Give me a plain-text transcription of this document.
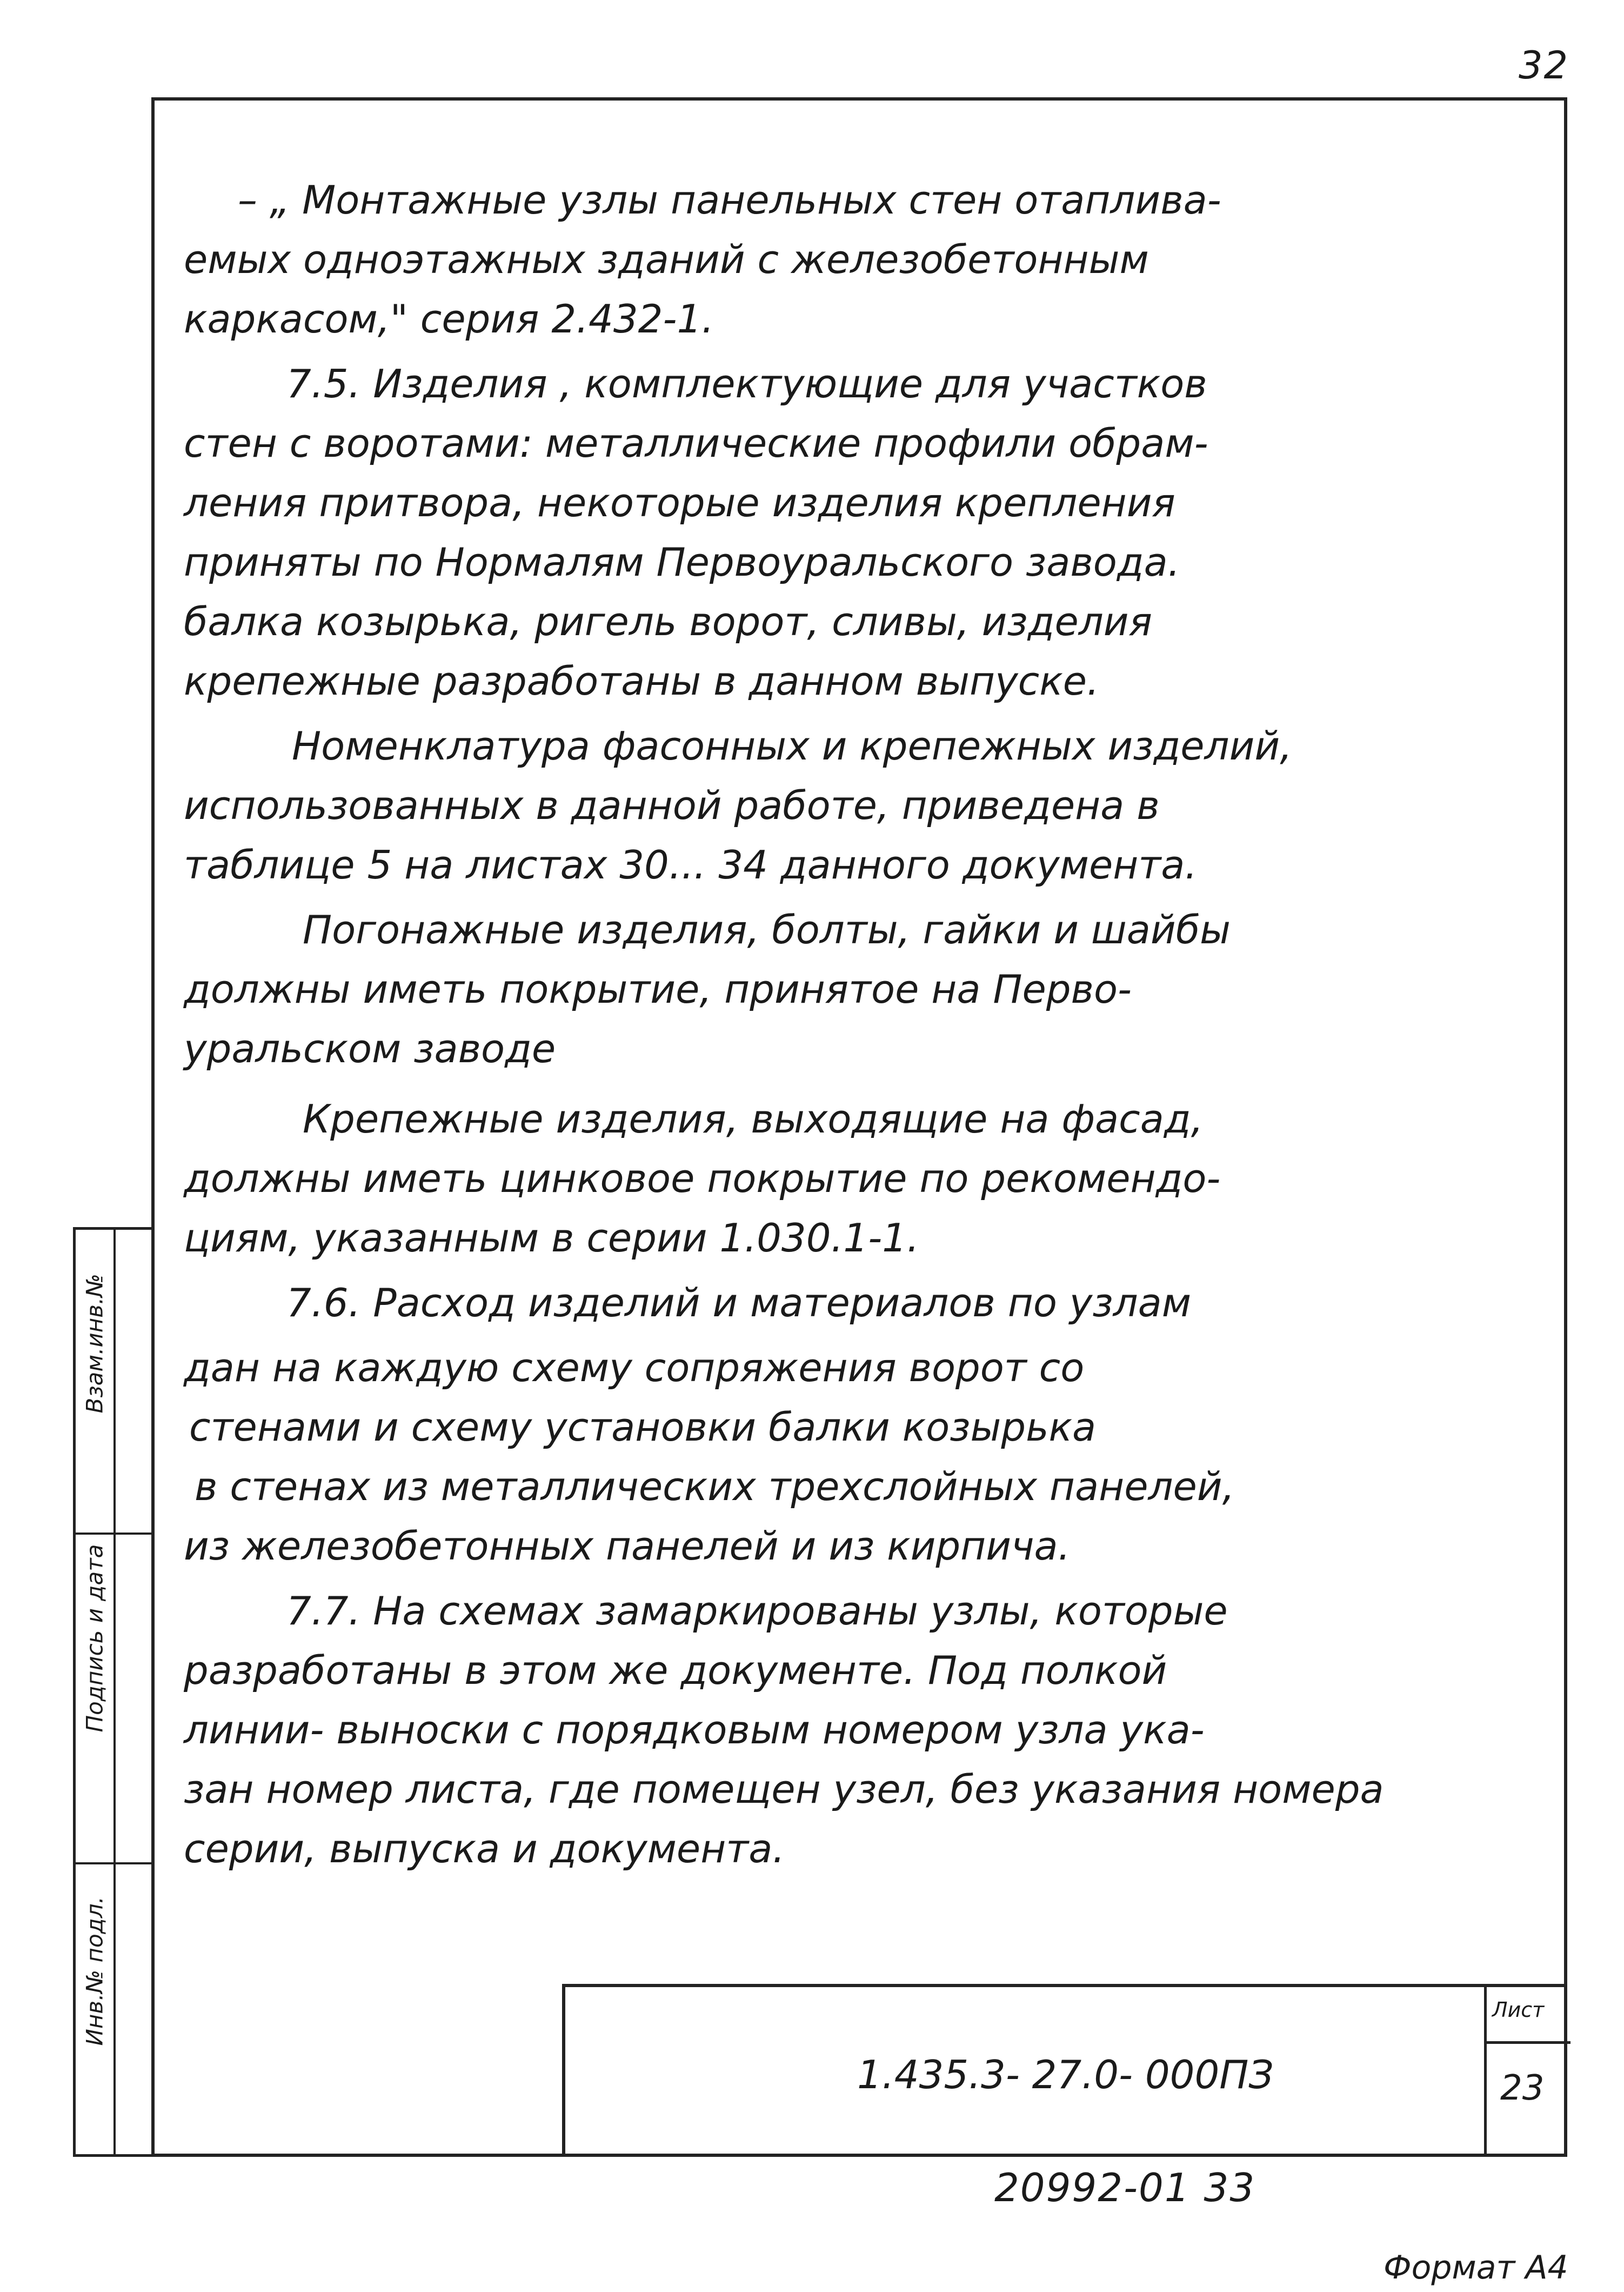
32
– „ Монтажные узлы панельных стен отаплива-
емых одноэтажных зданий с железобетонным
каркасом," серия 2.432-1.
7.5. Изделия , комплектующие для участков
стен с воротами: металлические профили обрам-
ления притвора, некоторые изделия крепления
приняты по Нормалям Первоуральского завода.
балка козырька, ригель ворот, сливы, изделия
крепежные разработаны в данном выпуске.
Номенклатура фасонных и крепежных изделий,
использованных в данной работе, приведена в
таблице 5 на листах 30... 34 данного документа.
Погонажные изделия, болты, гайки и шайбы
должны иметь покрытие, принятое на Перво-
уральском заводе
Крепежные изделия, выходящие на фасад,
должны иметь цинковое покрытие по рекомендо-
циям, указанным в серии 1.030.1-1.
7.6. Расход изделий и материалов по узлам
дан на каждую схему сопряжения ворот со
стенами и схему установки балки козырька
в стенах из металлических трехслойных панелей,
из железобетонных панелей и из кирпича.
7.7. На схемах замаркированы узлы, которые
разработаны в этом же документе. Под полкой
линии- выноски с порядковым номером узла ука-
зан номер листа, где помещен узел, без указания номера
серии, выпуска и документа.
Взам.инв.№
Подпись и дата
Инв.№ подл.
1.435.3- 27.0- 000ПЗ
Лист
23
20992-01 33
Формат А4
